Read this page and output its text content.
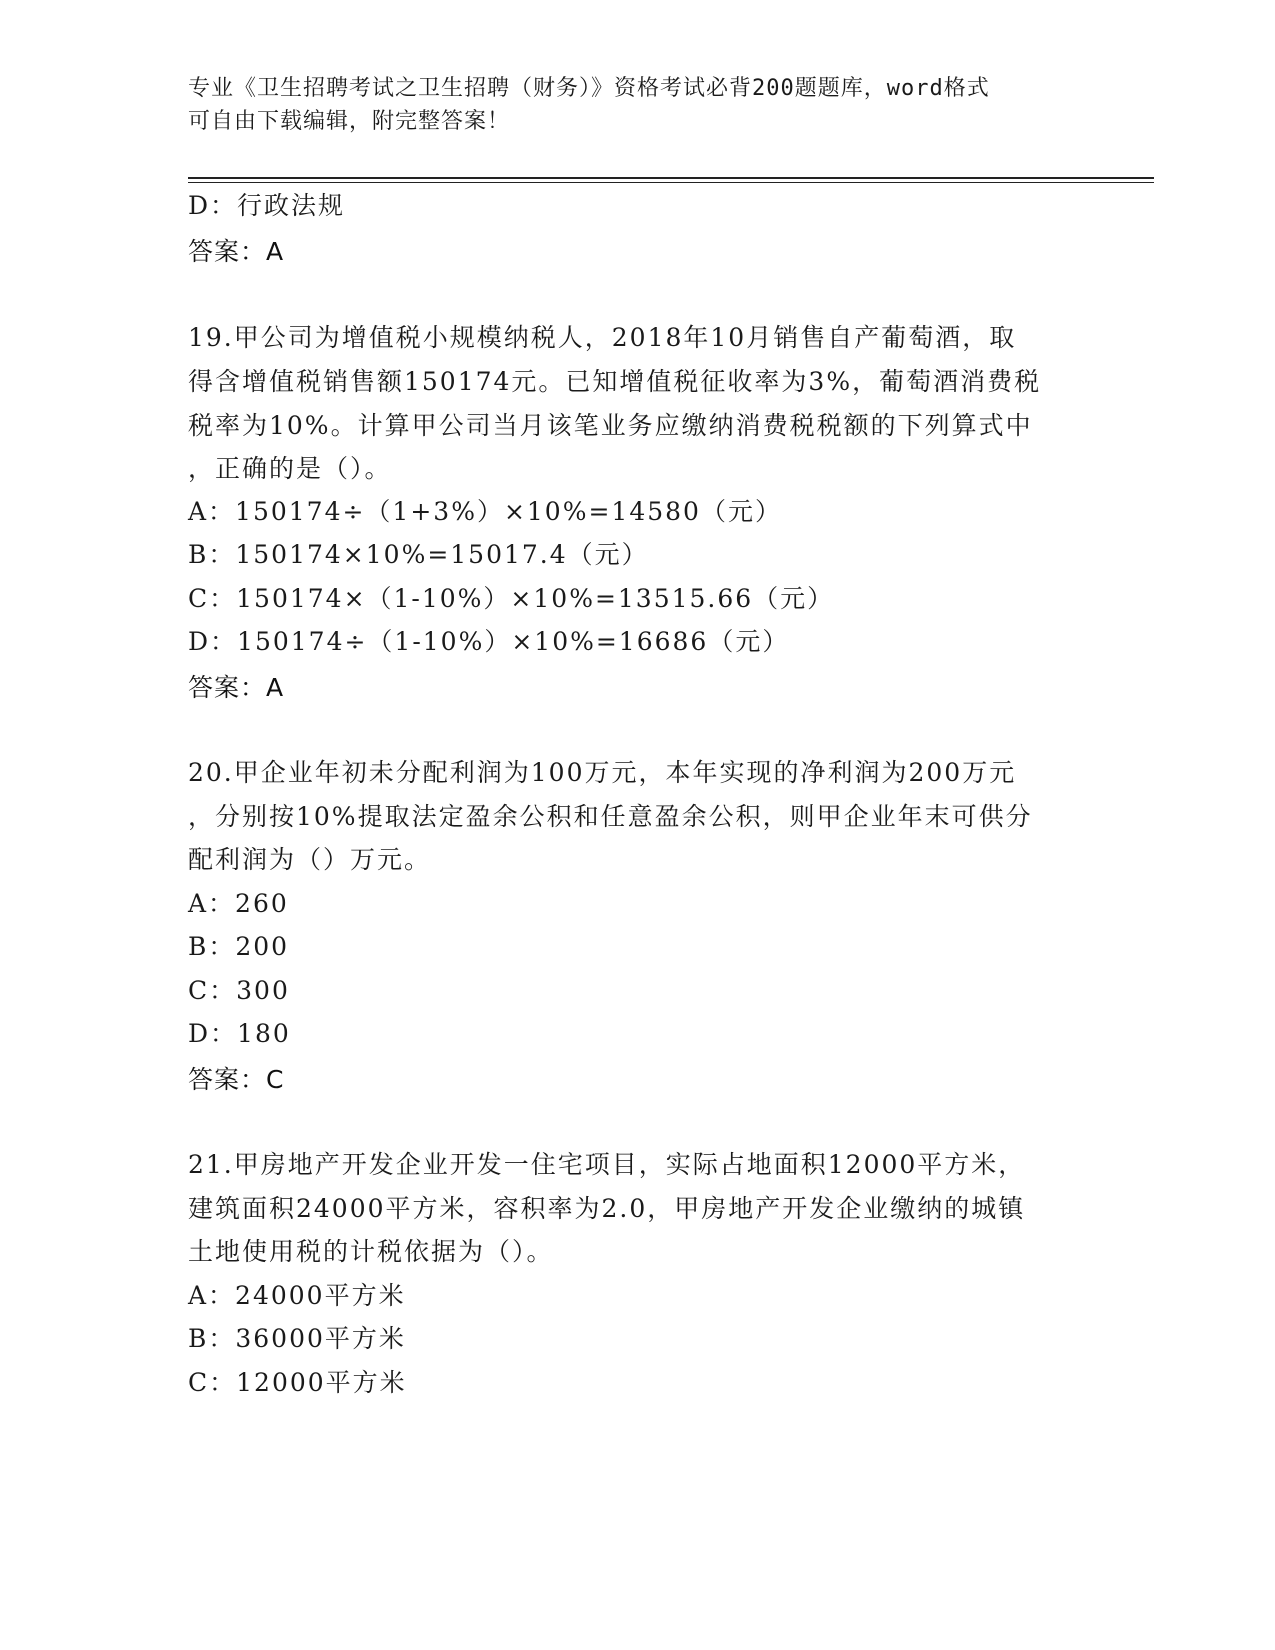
专业《卫生招聘考试之卫生招聘（财务）》资格考试必背200题题库，word格式
可自由下载编辑，附完整答案！
D：行政法规
答案：A
19.甲公司为增值税小规模纳税人，2018年10月销售自产葡萄酒，取
得含增值税销售额150174元。已知增值税征收率为3%，葡萄酒消费税
税率为10%。计算甲公司当月该笔业务应缴纳消费税税额的下列算式中
，正确的是（）。
A：150174÷（1+3%）×10%=14580（元）
B：150174×10%=15017.4（元）
C：150174×（1-10%）×10%=13515.66（元）
D：150174÷（1-10%）×10%=16686（元）
答案：A
20.甲企业年初未分配利润为100万元，本年实现的净利润为200万元
，分别按10%提取法定盈余公积和任意盈余公积，则甲企业年末可供分
配利润为（）万元。
A：260
B：200
C：300
D：180
答案：C
21.甲房地产开发企业开发一住宅项目，实际占地面积12000平方米，
建筑面积24000平方米，容积率为2.0，甲房地产开发企业缴纳的城镇
土地使用税的计税依据为（）。
A：24000平方米
B：36000平方米
C：12000平方米
